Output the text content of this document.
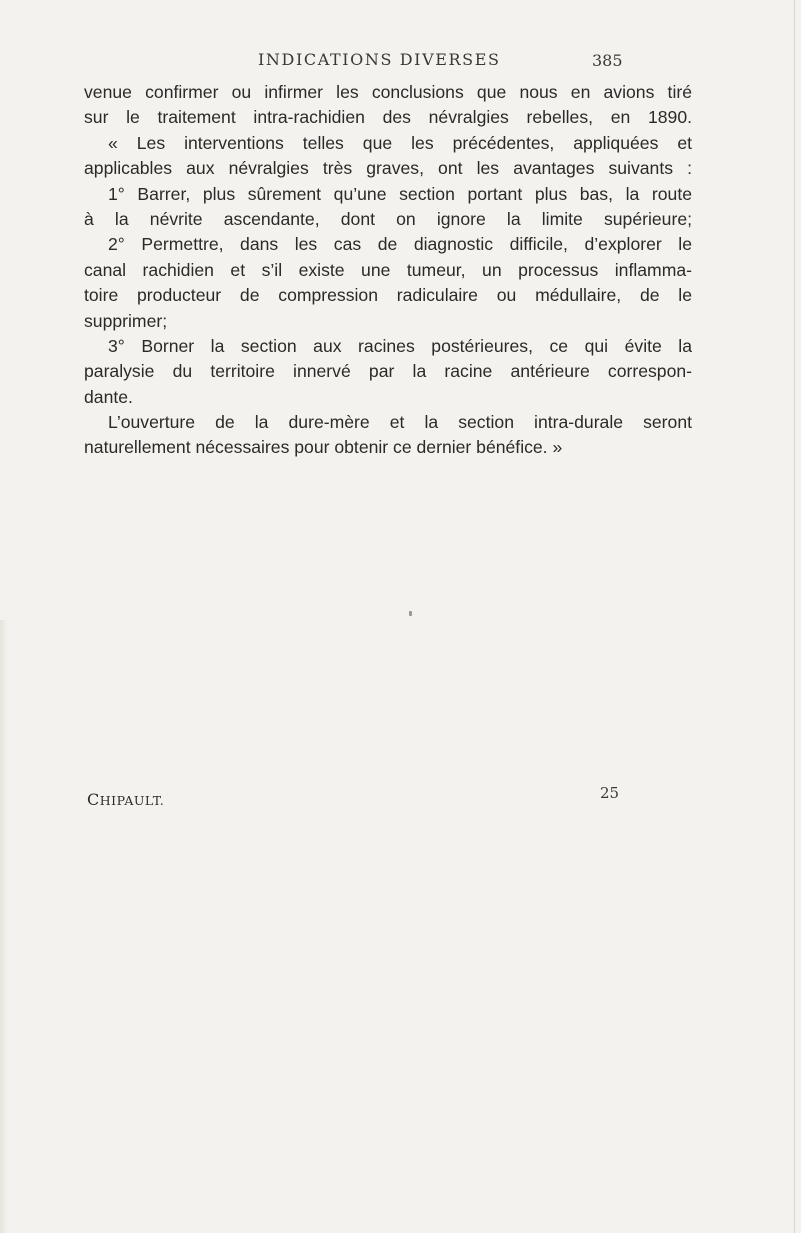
INDICATIONS DIVERSES	385
venue confirmer ou infirmer les conclusions que nous en avions tiré
sur le traitement intra-rachidien des névralgies rebelles, en 1890.
« Les interventions telles que les précédentes, appliquées et
applicables aux névralgies très graves, ont les avantages suivants :
1° Barrer, plus sûrement qu’une section portant plus bas, la route
à la névrite ascendante, dont on ignore la limite supérieure;
2° Permettre, dans les cas de diagnostic difficile, d’explorer le
canal rachidien et s’il existe une tumeur, un processus inflamma-
toire producteur de compression radiculaire ou médullaire, de le
supprimer;
3° Borner la section aux racines postérieures, ce qui évite la
paralysie du territoire innervé par la racine antérieure correspon-
dante.
L’ouverture de la dure-mère et la section intra-durale seront
naturellement nécessaires pour obtenir ce dernier bénéfice. »
CHIPAULT.	25
